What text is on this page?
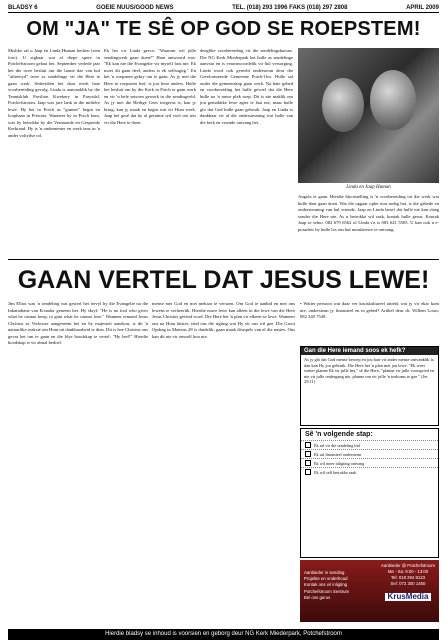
BLADSY 6	GOEIE NUUS/GOOD NEWS	TEL. (018) 293 1996 FAKS (018) 297 2808	APRIL 2009
OM "JA" TE SÊ OP GOD SE ROEPSTEM!

Mislike sal u Jaap en Linda Human herken (sien foto). U sigbaar wat al diepe spore in Potchefstroom gelaat het. September verlede jaar het die twee besluit om die laaste dae van hul "aftreetyd" twee as sendelinge vir die Here te gaan werk. Sedertdien het daar reeds baie voorbereiding gevolg. Linda is aanvanklik by die Tennisklub Pavilion Kwekery in Parysdal, Potchefstroom. Jaap was jare lank in die militêre lewe. Hy het in Potch as "gunner" begin en loopbaan in Pretoria. Wanneer hy in Potch kom, was hy betrokke by die Vermaarde en Gespreide Kerkraad. Hy is 'n ondernemer en werk tans in 'n ander voltydse rol.

Ek het vir Linda gevra: "Waarom wil julle sendingwerk gaan doen?" Haar antwoord was: "Ek kan nie die Evangelie vir myself hou nie. Ek moet dit gaan deel, anders is ek selfsugtig." En het 'n roepstem gekry om te gaan. As jy met die Here se roepstem leef, is jou lewe anders. Hulle het besluit om by die Kerk in Potch te gaan werk en vir 'n hele seisoen gewerk in die sendingveld. As jy met die Heilige Gees toegerus is, kan jy bring, kan jy maak en begin wat vir Hom werk. Jaap het gesê dat hy al geruime tyd voel om iets vir die Here te doen.

deeglike voorbereiding vir die sendelingskursus. Die NG Kerk Miederpark het hulle as sendelinge aanvaar en is verantwoordelik vir hul versorging. Linda word ook gereeld ondersteun deur die Gereformeerde Gemeente Potch-Oos. Hulle sal onder die gemeenskap gaan werk. Na baie gebed en voorbereiding het hulle gevoel dat die Here hulle na 'n nuwe plek roep. Dit is nie maklik om jou gemaklike lewe agter te laat nie, maar hulle glo dat God hulle gaan gebruik. Jaap en Linda is dankbaar vir al die ondersteuning wat hulle van die kerk en vriende ontvang het.

Linda en Jaap Human

Angola te gaan. Hierdie blootstelling is 'n voorbereiding tot die werk wat hulle daar gaan doen. Wat die opgaar opler nou nodig het, is die gebede en ondersteuning van hul vriende. Jaap en Linda besef dat hulle nie kan slaag sonder die Here nie. As u betrokke wil raak, kontak hulle gerus. Kontak Jaap se selno. 082 679 6562 of Linda s'n is 083 621 5505. U kan ook u e-posadres by hulle los om hul nuusbriewe te ontvang.

GAAN VERTEL DAT JESUS LEWE!

Jim Elliot was 'n sendeling wat gesterf het tervyl hy die Evangelie na die Inkaindiane van Ecuador geneem het. Hy skryf: "He is no fool who gives what he cannot keep, to gain what he cannot lose." Wanneer iemand Jesus Christus as Verlosser aangeneem het en Sy majesteit aanskou, is dit 'n natuurlike reaksie om Hom uit dankbaarheid te dien. Dit is hoe Christus ons gevra het om te gaan en die blye boodskap te vertel: "Hy leef!" Hierdie boodskap is vir almal bedoel.

mense met God en met mekaar te versoen. Om God te aanbid en met ons lewens te verheerlik. Hierdie nuwe lewe kan alleen in die lewe van die Here Jesus Christus gevind word. Die Here het 'n plan vir elkeen se lewe. Wanneer ons na Hom luister, vind ons die rigting wat Hy vir ons wil gee. Die Groot Opdrag in Matteus 28 is duidelik: gaan maak dissipels van al die nasies. Ons kan dit nie vir onsself hou nie.

• Watter persoon wat daar ver kruiskultureel uitreik wat jy vir ekar kom nie, ondersteun jy finansieel en in gebed? Artikel deur ds. Willem Louw, 082 340 7549.

Gan die Here iemand soos ek hefk?
As jy glo dat God mense beroep en jou hart vir ander mense ontvanklik is, dan kan Hy jou gebruik. Die Here het 'n plan met jou lewe. "Ek weet watter planne Ek vir julle het," sê die Here, "planne vir julle voorspoed en nie vir julle ondergang nie, planne om vir julle 'n toekoms te gee." (Jer 29:11)
Sê 'n volgende stap:
Ek sal vir die sendeling bid
Ek sal finansieel ondersteun
Ek wil meer inligting ontvang
Ek wil self betrokke raak
Aanbieder in sending
Projekte en onderhoud
Kontak ons vir inligting
Potchefstroom Sentrum
Bel ons gerus
Aanbieder @ Potchefstroom
Ma - Sa: 9:00 - 13:00
Tel: 018 294 8123
Sel: 072 300 1450
KrusMedia
Hierdie bladsy se inhoud is voorsien en geborg deur NG Kerk Miederpark, Potchefstroom
